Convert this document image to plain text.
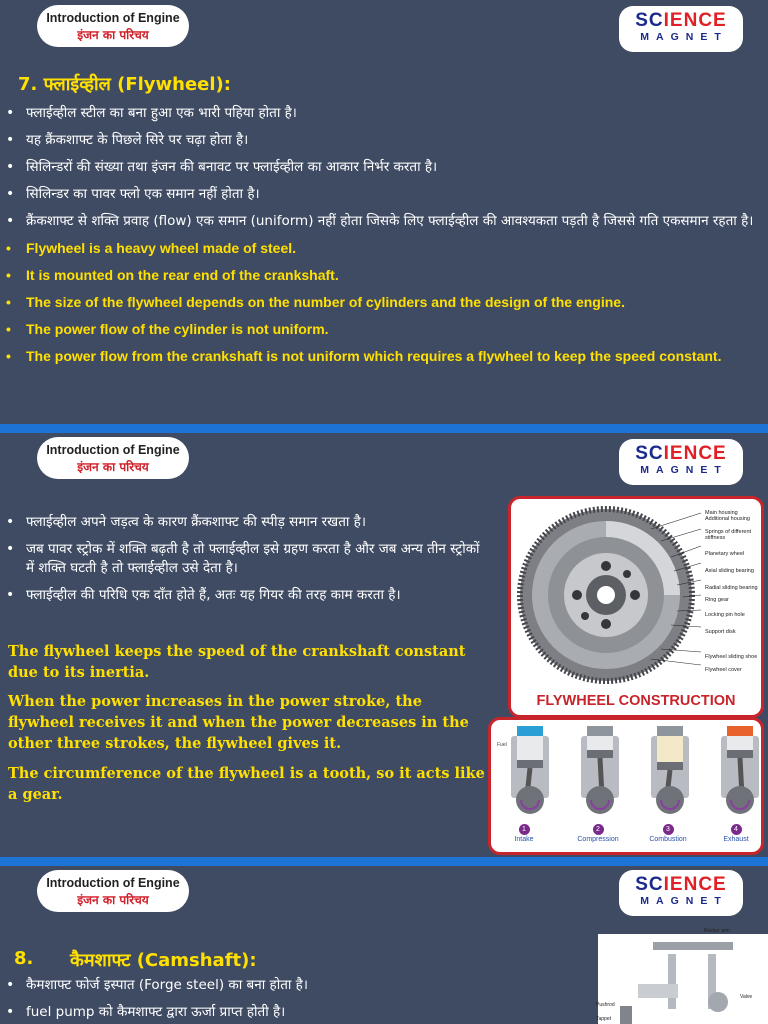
Introduction of Engine
इंजन का परिचय
SCIENCE
MAGNET
7. फ्लाईव्हील (Flywheel):
• फ्लाईव्हील स्टील का बना हुआ एक भारी पहिया होता है।
• यह क्रैंकशाफ्ट के पिछले सिरे पर चढ़ा होता है।
• सिलिन्डरों की संख्या तथा इंजन की बनावट पर फ्लाईव्हील का आकार निर्भर करता है।
• सिलिन्डर का पावर फ्लो एक समान नहीं होता है।
• क्रैंकशाफ्ट से शक्ति प्रवाह (flow) एक समान (uniform) नहीं होता जिसके लिए फ्लाईव्हील की आवश्यकता पड़ती है जिससे गति एकसमान रहता है।
• Flywheel is a heavy wheel made of steel.
• It is mounted on the rear end of the crankshaft.
• The size of the flywheel depends on the number of cylinders and the design of the engine.
• The power flow of the cylinder is not uniform.
• The power flow from the crankshaft is not uniform which requires a flywheel to keep the speed constant.
Introduction of Engine
इंजन का परिचय
SCIENCE
MAGNET
• फ्लाईव्हील अपने जड़त्व के कारण क्रैंकशाफ्ट की स्पीड़ समान रखता है।
• जब पावर स्ट्रोक में शक्ति बढ़ती है तो फ्लाईव्हील इसे ग्रहण करता है और जब अन्य तीन स्ट्रोकों में शक्ति घटती है तो फ्लाईव्हील उसे देता है।
• फ्लाईव्हील की परिधि एक दाँत होते हैं, अतः यह गियर की तरह काम करता है।
The flywheel keeps the speed of the crankshaft constant due to its inertia.
When the power increases in the power stroke, the flywheel receives it and when the power decreases in the other three strokes, the flywheel gives it.
The circumference of the flywheel is a tooth, so it acts like a gear.
Main housing
Additional housing
Springs of different
stiffness
Planetary wheel
Axial sliding bearing
Radial sliding bearing
Ring gear
Locking pin hole
Support disk
Flywheel sliding shoe
Flywheel cover
FLYWHEEL CONSTRUCTION
Fuel
1
Intake
2
Compression
3
Combustion
4
Exhaust
Introduction of Engine
इंजन का परिचय
SCIENCE
MAGNET
8. कैमशाफ्ट (Camshaft):
• कैमशाफ्ट फोर्ज इस्पात (Forge steel) का बना होता है।
• fuel pump को कैमशाफ्ट द्वारा ऊर्जा प्राप्त होती है।
Rocker arm
Pushrod
Tappet
Valve
